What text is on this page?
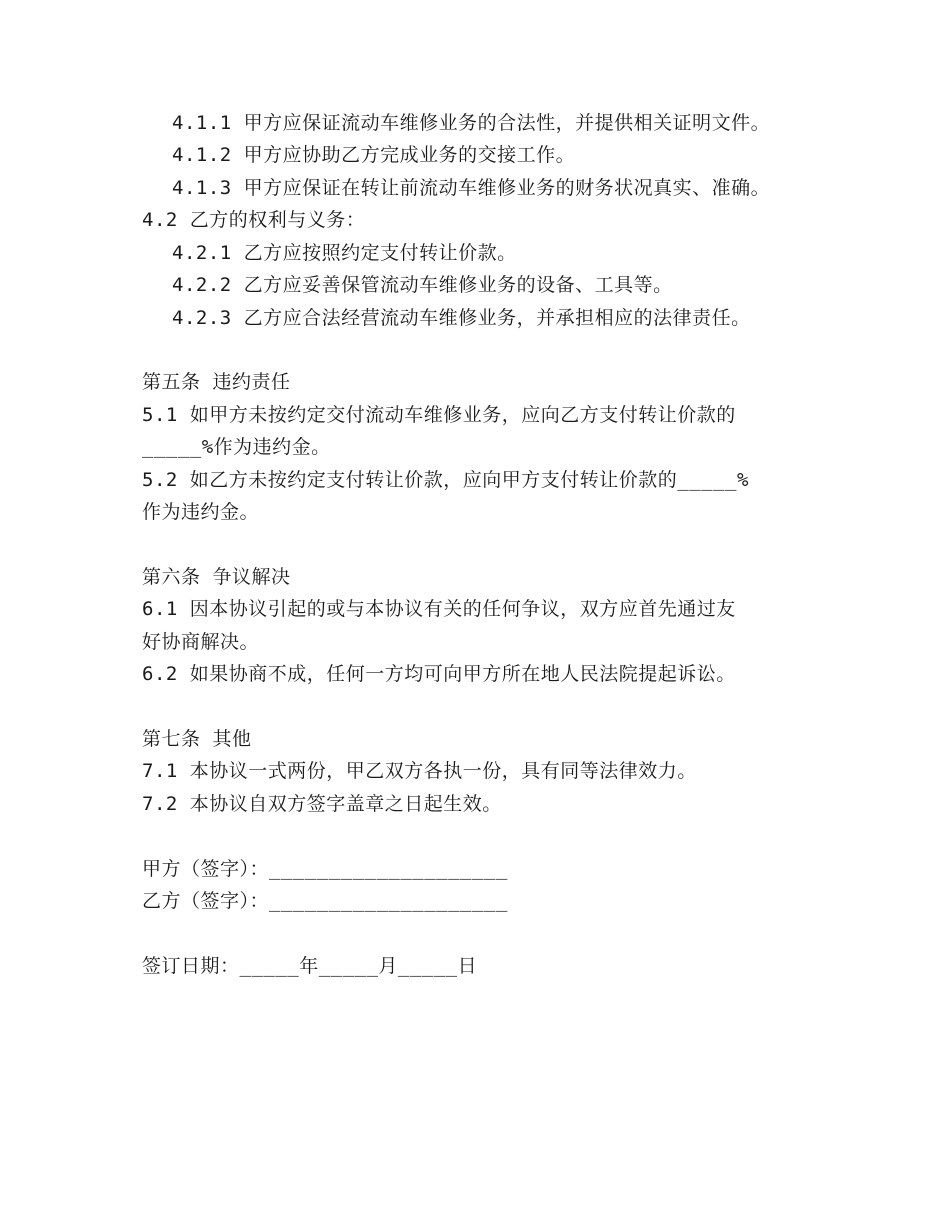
4.1.1 甲方应保证流动车维修业务的合法性，并提供相关证明文件。
4.1.2 甲方应协助乙方完成业务的交接工作。
4.1.3 甲方应保证在转让前流动车维修业务的财务状况真实、准确。
4.2 乙方的权利与义务：
4.2.1 乙方应按照约定支付转让价款。
4.2.2 乙方应妥善保管流动车维修业务的设备、工具等。
4.2.3 乙方应合法经营流动车维修业务，并承担相应的法律责任。
第五条 违约责任
5.1 如甲方未按约定交付流动车维修业务，应向乙方支付转让价款的
_____%作为违约金。
5.2 如乙方未按约定支付转让价款，应向甲方支付转让价款的_____%
作为违约金。
第六条 争议解决
6.1 因本协议引起的或与本协议有关的任何争议，双方应首先通过友
好协商解决。
6.2 如果协商不成，任何一方均可向甲方所在地人民法院提起诉讼。
第七条 其他
7.1 本协议一式两份，甲乙双方各执一份，具有同等法律效力。
7.2 本协议自双方签字盖章之日起生效。
甲方（签字）：____________________
乙方（签字）：____________________
签订日期：_____年_____月_____日
